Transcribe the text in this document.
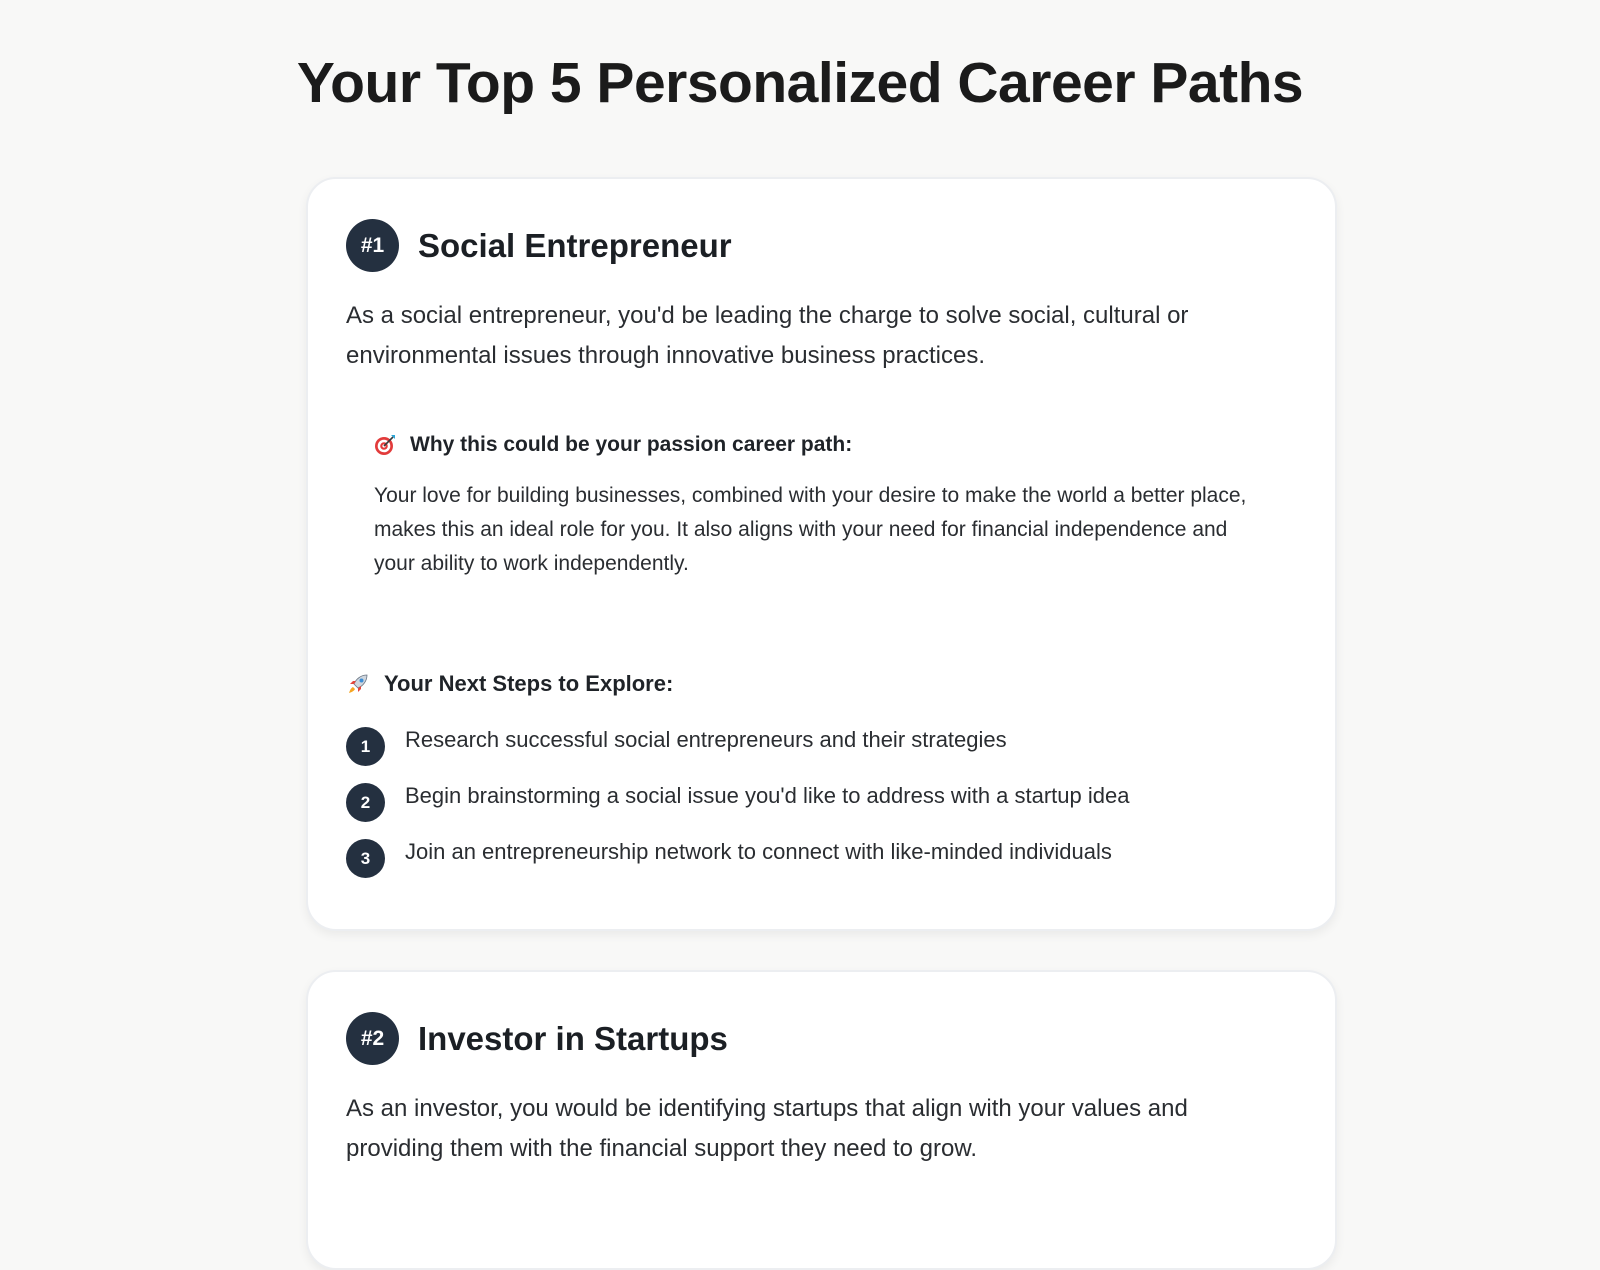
Your Top 5 Personalized Career Paths
#1	Social Entrepreneur

As a social entrepreneur, you'd be leading the charge to solve social, cultural or environmental issues through innovative business practices.

Why this could be your passion career path:

Your love for building businesses, combined with your desire to make the world a better place, makes this an ideal role for you. It also aligns with your need for financial independence and your ability to work independently.

Your Next Steps to Explore:
1	Research successful social entrepreneurs and their strategies
2	Begin brainstorming a social issue you'd like to address with a startup idea
3	Join an entrepreneurship network to connect with like-minded individuals
#2	Investor in Startups

As an investor, you would be identifying startups that align with your values and providing them with the financial support they need to grow.
